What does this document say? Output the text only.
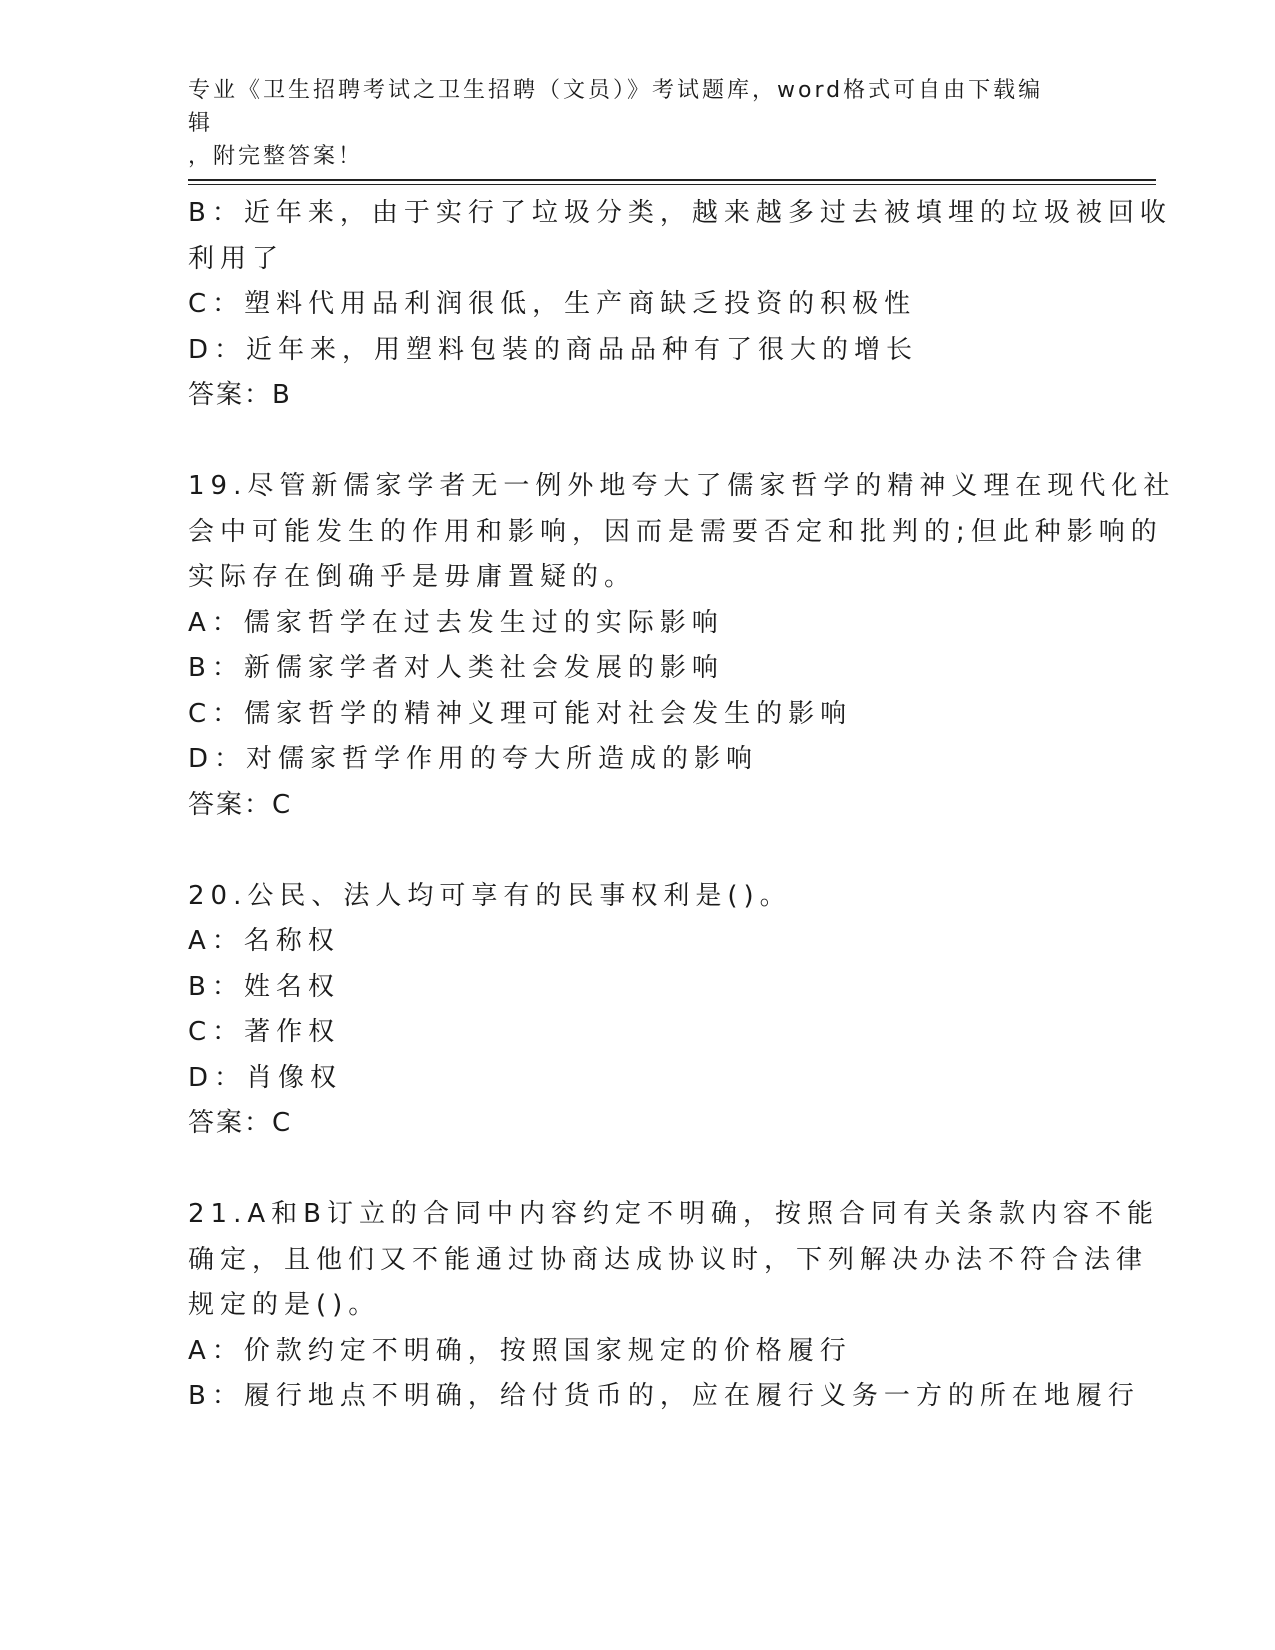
专业《卫生招聘考试之卫生招聘（文员）》考试题库，word格式可自由下载编辑
，附完整答案！

B：近年来，由于实行了垃圾分类，越来越多过去被填埋的垃圾被回收

利用了

C：塑料代用品利润很低，生产商缺乏投资的积极性

D：近年来，用塑料包装的商品品种有了很大的增长

答案：B

19.尽管新儒家学者无一例外地夸大了儒家哲学的精神义理在现代化社

会中可能发生的作用和影响，因而是需要否定和批判的;但此种影响的

实际存在倒确乎是毋庸置疑的。

A：儒家哲学在过去发生过的实际影响

B：新儒家学者对人类社会发展的影响

C：儒家哲学的精神义理可能对社会发生的影响

D：对儒家哲学作用的夸大所造成的影响

答案：C

20.公民、法人均可享有的民事权利是()。

A：名称权

B：姓名权

C：著作权

D：肖像权

答案：C

21.A和B订立的合同中内容约定不明确，按照合同有关条款内容不能

确定，且他们又不能通过协商达成协议时，下列解决办法不符合法律

规定的是()。

A：价款约定不明确，按照国家规定的价格履行

B：履行地点不明确，给付货币的，应在履行义务一方的所在地履行
